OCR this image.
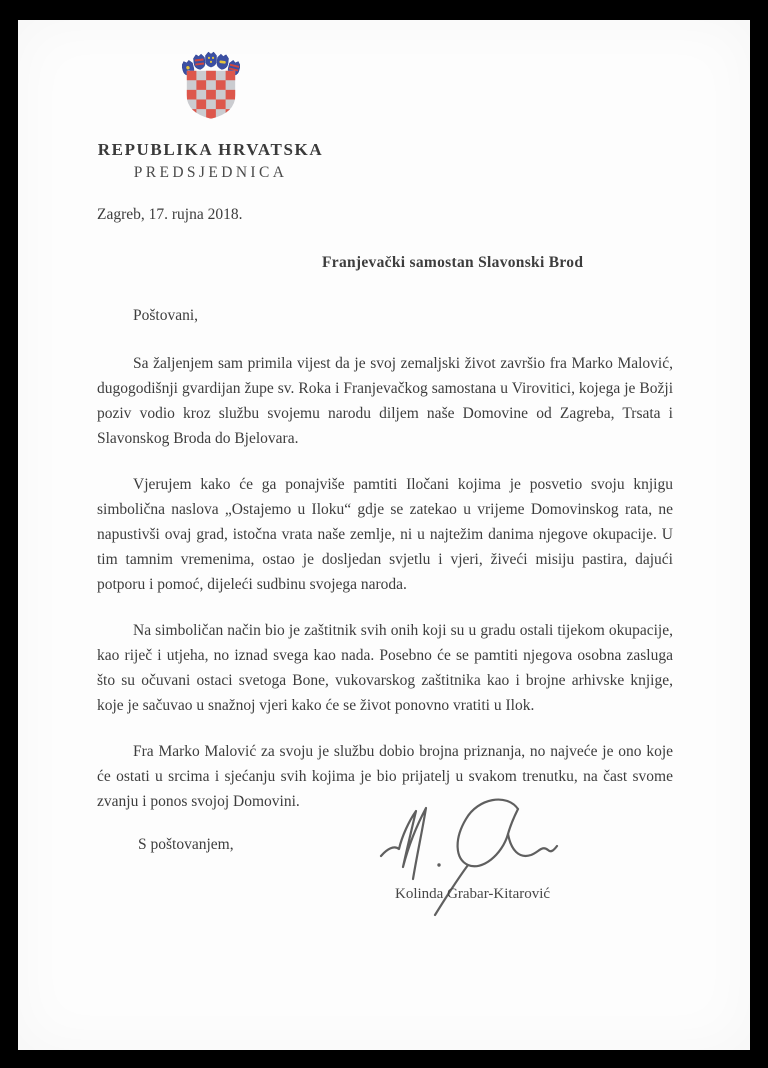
REPUBLIKA HRVATSKA
PREDSJEDNICA
Zagreb, 17. rujna 2018.
Franjevački samostan Slavonski Brod
Poštovani,

Sa žaljenjem sam primila vijest da je svoj zemaljski život završio fra Marko Malović, dugogodišnji gvardijan župe sv. Roka i Franjevačkog samostana u Virovitici, kojega je Božji poziv vodio kroz službu svojemu narodu diljem naše Domovine od Zagreba, Trsata i Slavonskog Broda do Bjelovara.

Vjerujem kako će ga ponajviše pamtiti Iločani kojima je posvetio svoju knjigu simbolična naslova „Ostajemo u Iloku“ gdje se zatekao u vrijeme Domovinskog rata, ne napustivši ovaj grad, istočna vrata naše zemlje, ni u najtežim danima njegove okupacije. U tim tamnim vremenima, ostao je dosljedan svjetlu i vjeri, živeći misiju pastira, dajući potporu i pomoć, dijeleći sudbinu svojega naroda.

Na simboličan način bio je zaštitnik svih onih koji su u gradu ostali tijekom okupacije, kao riječ i utjeha, no iznad svega kao nada. Posebno će se pamtiti njegova osobna zasluga što su očuvani ostaci svetoga Bone, vukovarskog zaštitnika kao i brojne arhivske knjige, koje je sačuvao u snažnoj vjeri kako će se život ponovno vratiti u Ilok.

Fra Marko Malović za svoju je službu dobio brojna priznanja, no najveće je ono koje će ostati u srcima i sjećanju svih kojima je bio prijatelj u svakom trenutku, na čast svome zvanju i ponos svojoj Domovini.

S poštovanjem,
Kolinda Grabar-Kitarović
